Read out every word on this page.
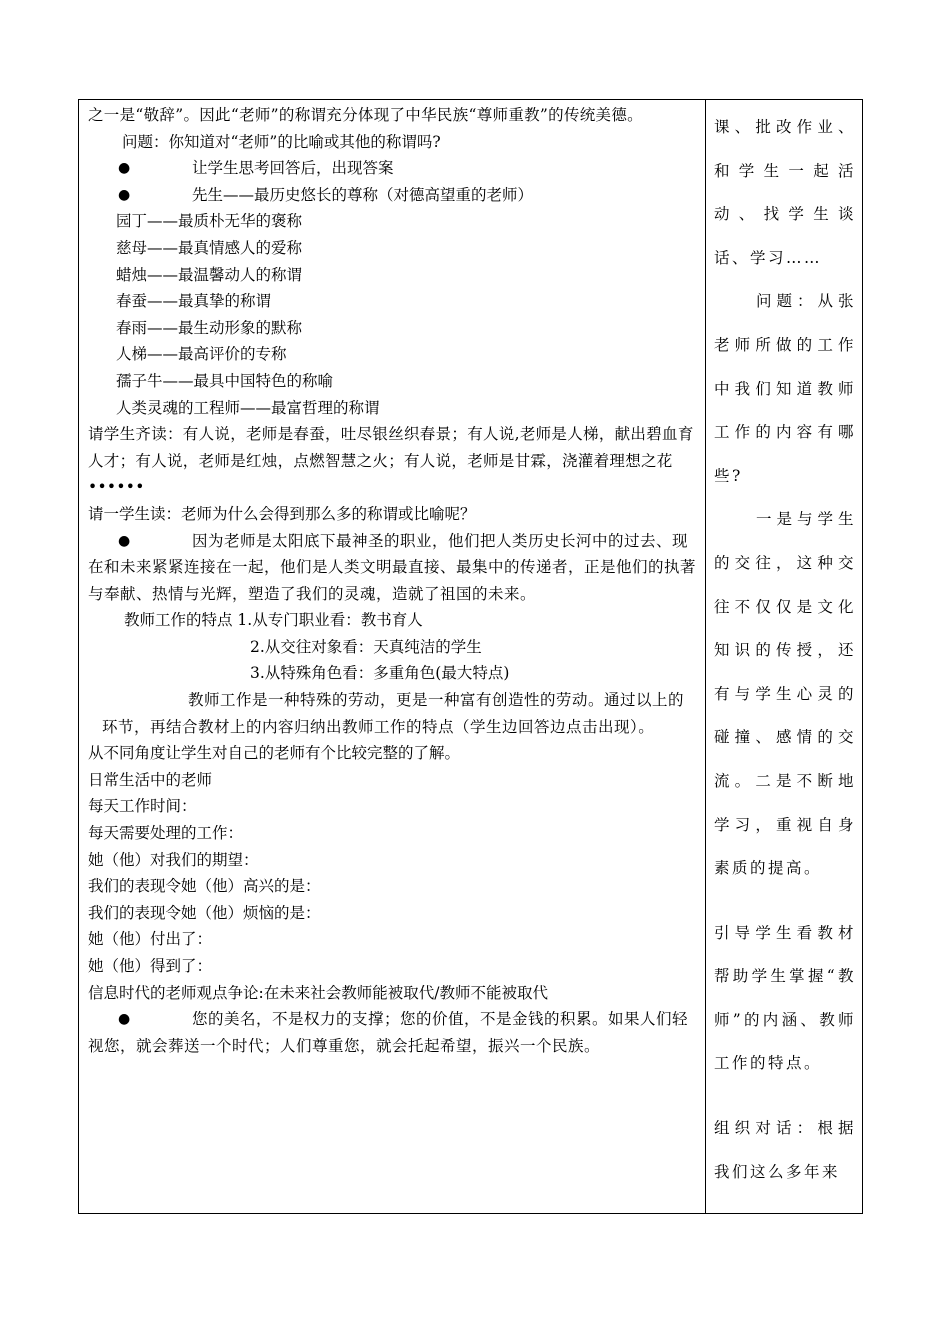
之一是“敬辞”。因此“老师”的称谓充分体现了中华民族“尊师重教”的传统美德。

问题：你知道对“老师”的比喻或其他的称谓吗?

●	让学生思考回答后，出现答案
●	先生——最历史悠长的尊称（对德高望重的老师）

园丁——最质朴无华的褒称

慈母——最真情感人的爱称

蜡烛——最温馨动人的称谓

春蚕——最真挚的称谓

春雨——最生动形象的默称

人梯——最高评价的专称

孺子牛——最具中国特色的称喻

人类灵魂的工程师——最富哲理的称谓

请学生齐读：有人说，老师是春蚕，吐尽银丝织春景；有人说,老师是人梯，献出碧血育人才；有人说，老师是红烛，点燃智慧之火；有人说，老师是甘霖，浇灌着理想之花••••••

请一学生读：老师为什么会得到那么多的称谓或比喻呢？

●	因为老师是太阳底下最神圣的职业，他们把人类历史长河中的过去、现在和未来紧紧连接在一起，他们是人类文明最直接、最集中的传递者，正是他们的执著与奉献、热情与光辉，塑造了我们的灵魂，造就了祖国的未来。

教师工作的特点 1.从专门职业看：教书育人

2.从交往对象看：天真纯洁的学生

3.从特殊角色看：多重角色(最大特点)

教师工作是一种特殊的劳动，更是一种富有创造性的劳动。通过以上的环节，再结合教材上的内容归纳出教师工作的特点（学生边回答边点击出现）。

从不同角度让学生对自己的老师有个比较完整的了解。

日常生活中的老师

每天工作时间：

每天需要处理的工作：

她（他）对我们的期望：

我们的表现令她（他）高兴的是：

我们的表现令她（他）烦恼的是：

她（他）付出了：

她（他）得到了：

信息时代的老师观点争论:在未来社会教师能被取代/教师不能被取代

●	您的美名，不是权力的支撑；您的价值，不是金钱的积累。如果人们轻视您，就会葬送一个时代；人们尊重您，就会托起希望，振兴一个民族。

课、批改作业、和学生一起活动、找学生谈话、学习……

问题：从张老师所做的工作中我们知道教师工作的内容有哪些?

一是与学生的交往，这种交往不仅仅是文化知识的传授，还有与学生心灵的碰撞、感情的交流。二是不断地学习，重视自身素质的提高。

引导学生看教材帮助学生掌握“教师”的内涵、教师工作的特点。

组织对话：根据我们这么多年来
